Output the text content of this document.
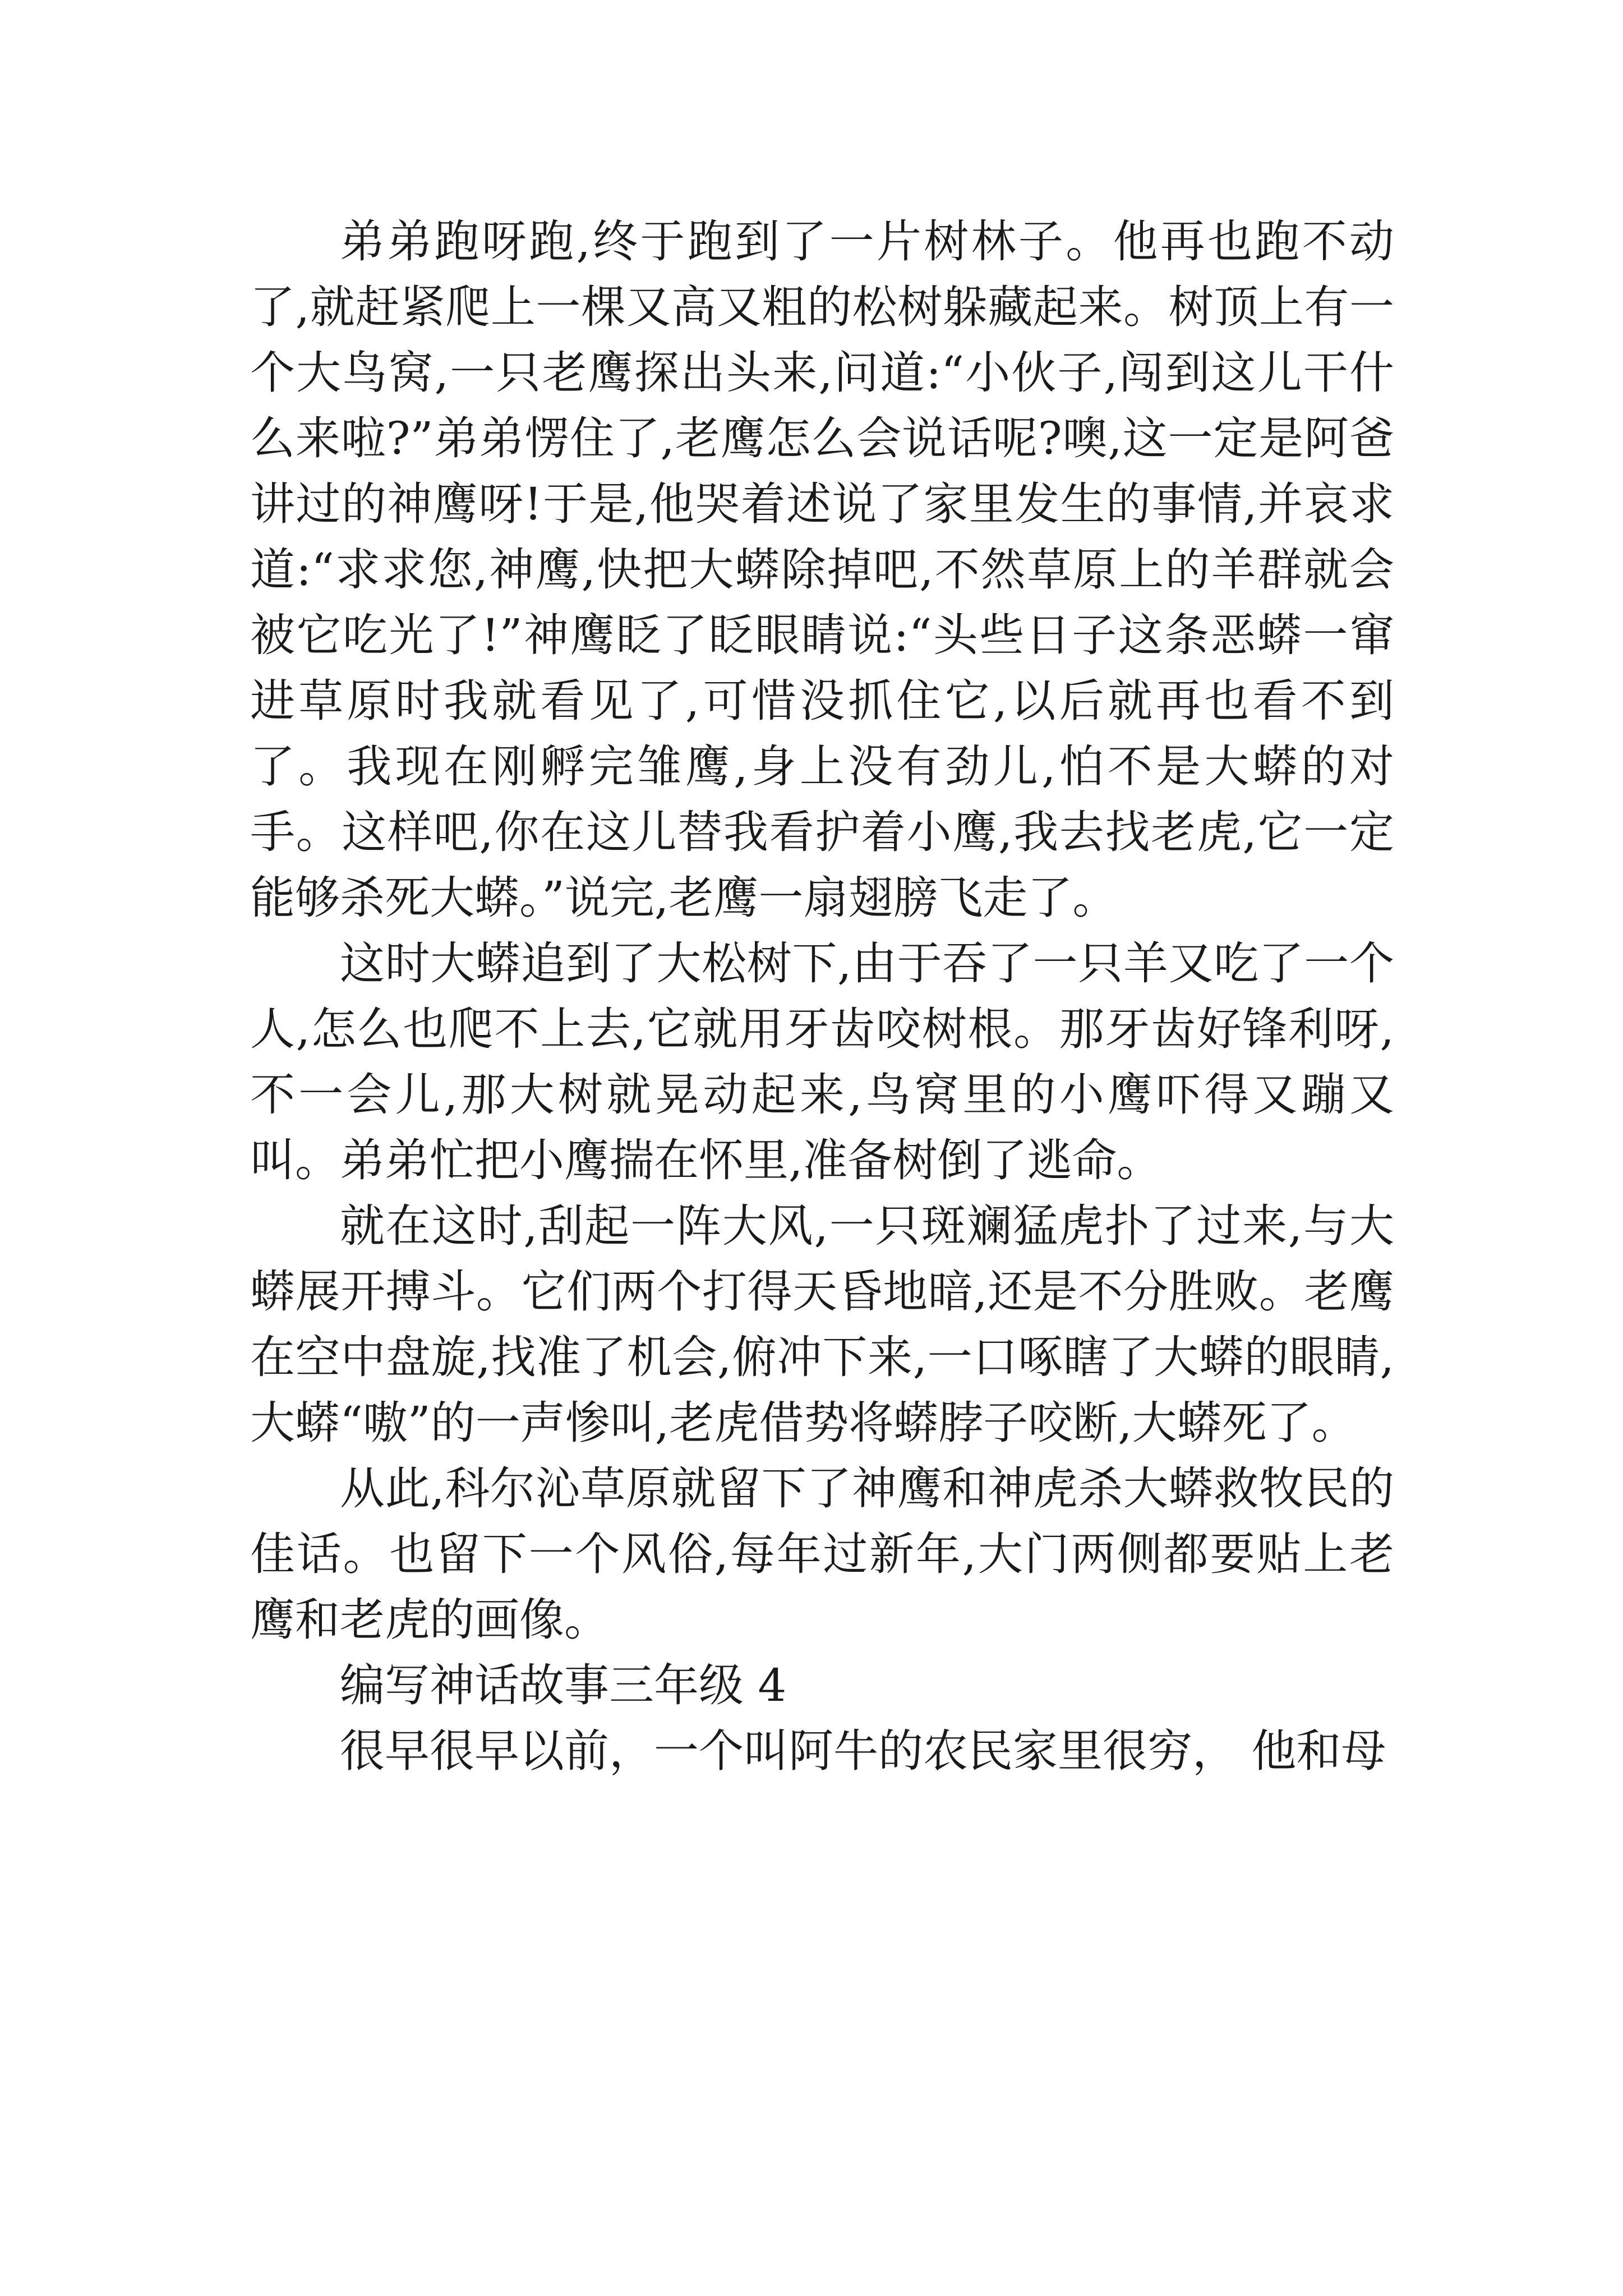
弟弟跑呀跑,终于跑到了一片树林子。他再也跑不动了,就赶紧爬上一棵又高又粗的松树躲藏起来。树顶上有一个大鸟窝,一只老鹰探出头来,问道:“小伙子,闯到这儿干什么来啦?”弟弟愣住了,老鹰怎么会说话呢?噢,这一定是阿爸讲过的神鹰呀!于是,他哭着述说了家里发生的事情,并哀求道:“求求您,神鹰,快把大蟒除掉吧,不然草原上的羊群就会被它吃光了!”神鹰眨了眨眼睛说:“头些日子这条恶蟒一窜进草原时我就看见了,可惜没抓住它,以后就再也看不到了。我现在刚孵完雏鹰,身上没有劲儿,怕不是大蟒的对手。这样吧,你在这儿替我看护着小鹰,我去找老虎,它一定能够杀死大蟒。”说完,老鹰一扇翅膀飞走了。

这时大蟒追到了大松树下,由于吞了一只羊又吃了一个人,怎么也爬不上去,它就用牙齿咬树根。那牙齿好锋利呀,不一会儿,那大树就晃动起来,鸟窝里的小鹰吓得又蹦又叫。弟弟忙把小鹰揣在怀里,准备树倒了逃命。

就在这时,刮起一阵大风,一只斑斓猛虎扑了过来,与大蟒展开搏斗。它们两个打得天昏地暗,还是不分胜败。老鹰在空中盘旋,找准了机会,俯冲下来,一口啄瞎了大蟒的眼睛,大蟒“嗷”的一声惨叫,老虎借势将蟒脖子咬断,大蟒死了。

从此,科尔沁草原就留下了神鹰和神虎杀大蟒救牧民的佳话。也留下一个风俗,每年过新年,大门两侧都要贴上老鹰和老虎的画像。

编写神话故事三年级 4

很早很早以前，一个叫阿牛的农民家里很穷， 他和母
